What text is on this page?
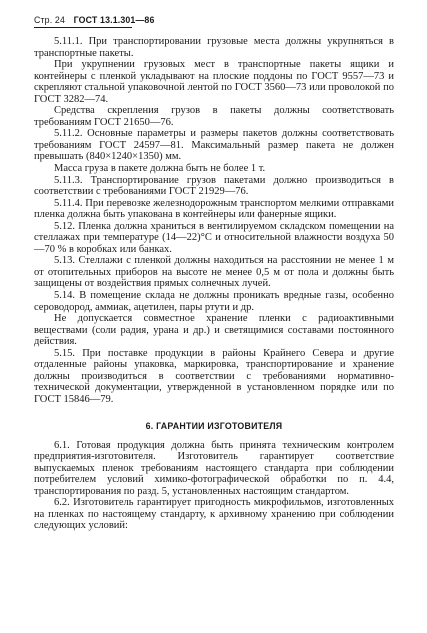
Стр. 24 ГОСТ 13.1.301—86

5.11.1. При транспортировании грузовые места должны укрупняться в транспортные пакеты.

При укрупнении грузовых мест в транспортные пакеты ящики и контейнеры с пленкой укладывают на плоские поддоны по ГОСТ 9557—73 и скрепляют стальной упаковочной лентой по ГОСТ 3560—73 или проволокой по ГОСТ 3282—74.

Средства скрепления грузов в пакеты должны соответствовать требованиям ГОСТ 21650—76.

5.11.2. Основные параметры и размеры пакетов должны соответствовать требованиям ГОСТ 24597—81. Максимальный размер пакета не должен превышать (840×1240×1350) мм.

Масса груза в пакете должна быть не более 1 т.

5.11.3. Транспортирование грузов пакетами должно производиться в соответствии с требованиями ГОСТ 21929—76.

5.11.4. При перевозке железнодорожным транспортом мелкими отправками пленка должна быть упакована в контейнеры или фанерные ящики.

5.12. Пленка должна храниться в вентилируемом складском помещении на стеллажах при температуре (14—22)°С и относительной влажности воздуха 50—70 % в коробках или банках.

5.13. Стеллажи с пленкой должны находиться на расстоянии не менее 1 м от отопительных приборов на высоте не менее 0,5 м от пола и должны быть защищены от воздействия прямых солнечных лучей.

5.14. В помещение склада не должны проникать вредные газы, особенно сероводород, аммиак, ацетилен, пары ртути и др.

Не допускается совместное хранение пленки с радиоактивными веществами (соли радия, урана и др.) и светящимися составами постоянного действия.

5.15. При поставке продукции в районы Крайнего Севера и другие отдаленные районы упаковка, маркировка, транспортирование и хранение должны производиться в соответствии с требованиями нормативно-технической документации, утвержденной в установленном порядке или по ГОСТ 15846—79.

6. ГАРАНТИИ ИЗГОТОВИТЕЛЯ

6.1. Готовая продукция должна быть принята техническим контролем предприятия-изготовителя. Изготовитель гарантирует соответствие выпускаемых пленок требованиям настоящего стандарта при соблюдении потребителем условий химико-фотографической обработки по п. 4.4, транспортирования по разд. 5, установленных настоящим стандартом.

6.2. Изготовитель гарантирует пригодность микрофильмов, изготовленных на пленках по настоящему стандарту, к архивному хранению при соблюдении следующих условий:
